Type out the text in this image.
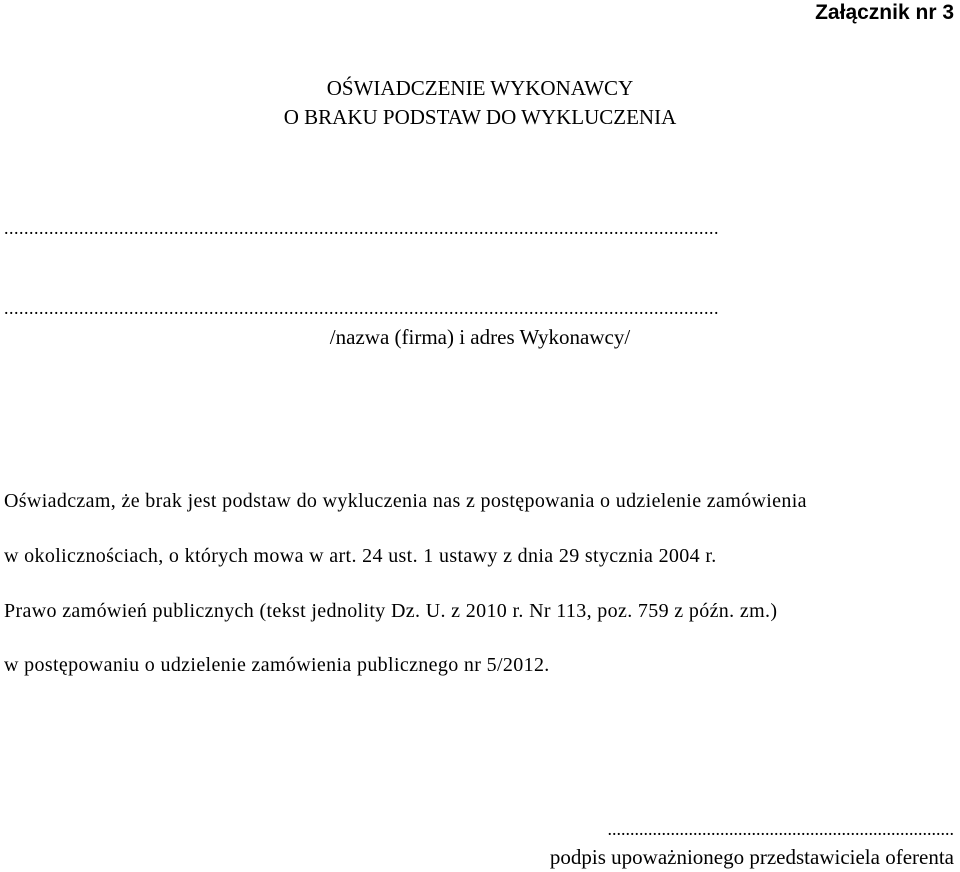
Załącznik nr 3
OŚWIADCZENIE WYKONAWCY
O BRAKU PODSTAW DO WYKLUCZENIA
...............................................................................................................................................
...............................................................................................................................................
/nazwa (firma) i adres Wykonawcy/
Oświadczam, że brak jest podstaw do wykluczenia nas z postępowania o udzielenie zamówienia
w okolicznościach, o których mowa w art. 24 ust. 1 ustawy z dnia 29 stycznia 2004 r.
Prawo zamówień publicznych (tekst jednolity Dz. U. z 2010 r. Nr 113, poz. 759 z późn. zm.)
w postępowaniu o udzielenie zamówienia publicznego nr 5/2012.
.............................................................................
podpis upoważnionego przedstawiciela oferenta
